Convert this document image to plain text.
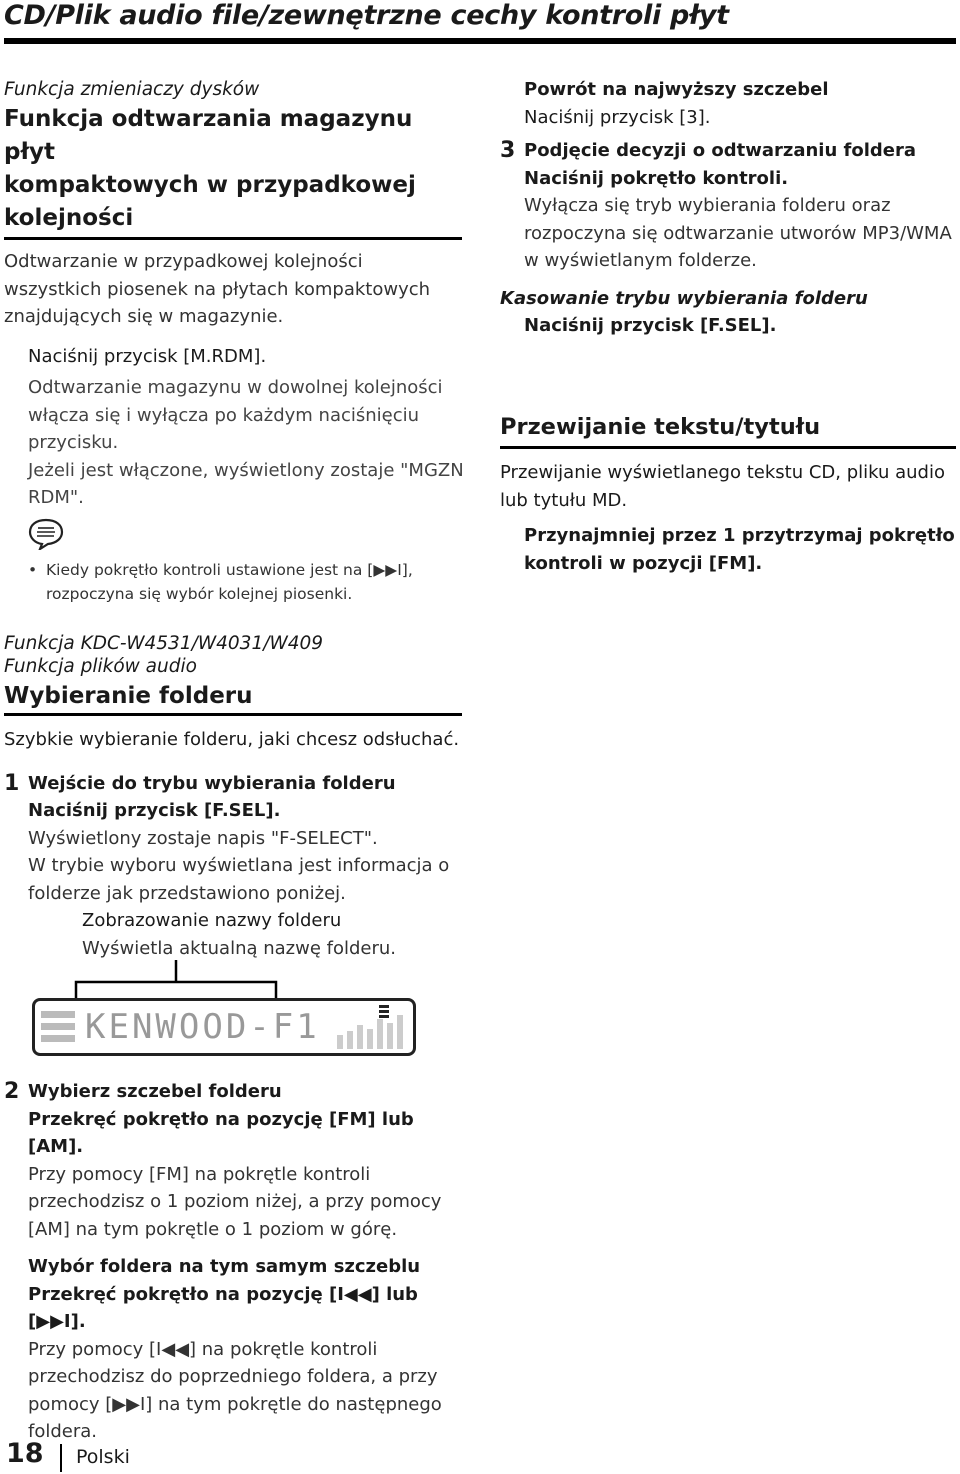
CD/Plik audio file/zewnętrzne cechy kontroli płyt
Funkcja zmieniaczy dysków
Funkcja odtwarzania magazynu płyt
kompaktowych w przypadkowej
kolejności
Odtwarzanie w przypadkowej kolejności
wszystkich piosenek na płytach kompaktowych
znajdujących się w magazynie.
Naciśnij przycisk [M.RDM].
Odtwarzanie magazynu w dowolnej kolejności
włącza się i wyłącza po każdym naciśnięciu
przycisku.
Jeżeli jest włączone, wyświetlony zostaje "MGZN
RDM".
• Kiedy pokrętło kontroli ustawione jest na [▶▶I],
rozpoczyna się wybór kolejnej piosenki.
Funkcja KDC-W4531/W4031/W409
Funkcja plików audio
Wybieranie folderu
Szybkie wybieranie folderu, jaki chcesz odsłuchać.
1 Wejście do trybu wybierania folderu
Naciśnij przycisk [F.SEL].
Wyświetlony zostaje napis "F-SELECT".
W trybie wyboru wyświetlana jest informacja o
folderze jak przedstawiono poniżej.
Zobrazowanie nazwy folderu
Wyświetla aktualną nazwę folderu.
KENWOOD-F1
2 Wybierz szczebel folderu
Przekręć pokrętło na pozycję [FM] lub [AM].
Przy pomocy [FM] na pokrętle kontroli
przechodzisz o 1 poziom niżej, a przy pomocy
[AM] na tym pokrętle o 1 poziom w górę.
Wybór foldera na tym samym szczeblu
Przekręć pokrętło na pozycję [I◀◀] lub [▶▶I].
Przy pomocy [I◀◀] na pokrętle kontroli
przechodzisz do poprzedniego foldera, a przy
pomocy [▶▶I] na tym pokrętle do następnego
foldera.
Powrót na najwyższy szczebel
Naciśnij przycisk [3].
3 Podjęcie decyzji o odtwarzaniu foldera
Naciśnij pokrętło kontroli.
Wyłącza się tryb wybierania folderu oraz
rozpoczyna się odtwarzanie utworów MP3/WMA
w wyświetlanym folderze.
Kasowanie trybu wybierania folderu
Naciśnij przycisk [F.SEL].
Przewijanie tekstu/tytułu
Przewijanie wyświetlanego tekstu CD, pliku audio
lub tytułu MD.
Przynajmniej przez 1 przytrzymaj pokrętło
kontroli w pozycji [FM].
18 Polski
